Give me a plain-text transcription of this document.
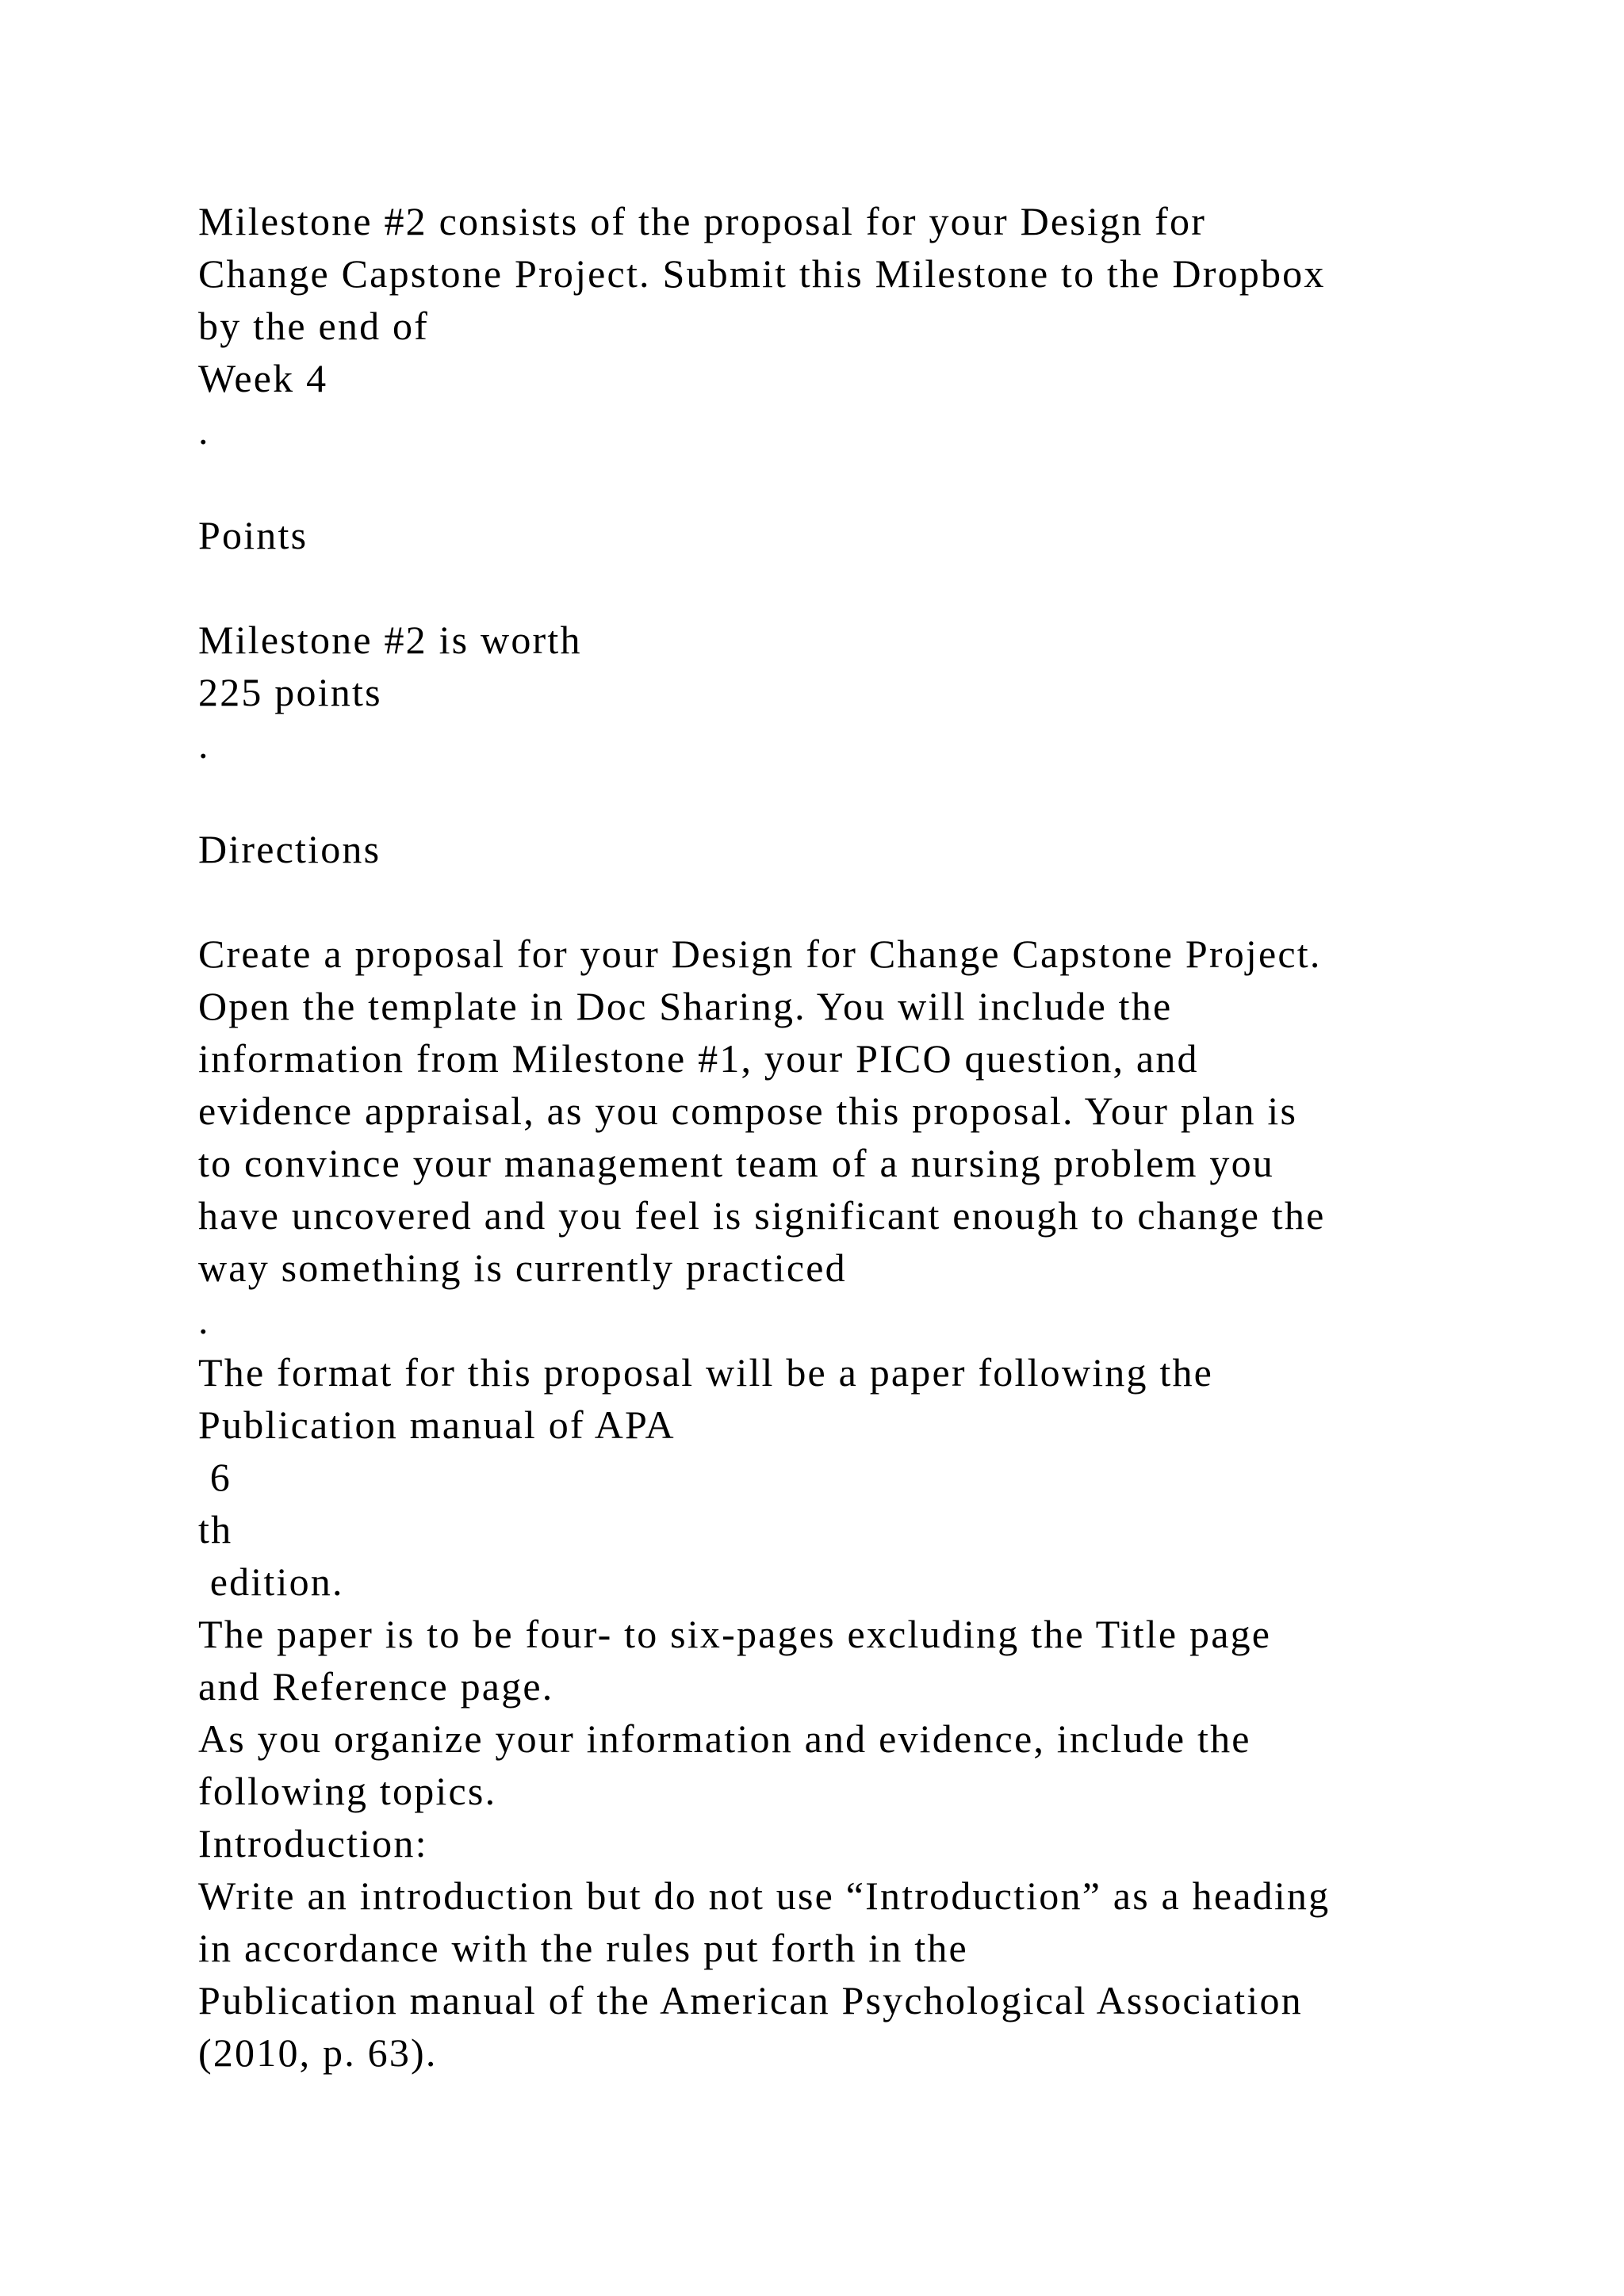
Milestone #2 consists of the proposal for your Design for
Change Capstone Project. Submit this Milestone to the Dropbox
by the end of
Week 4
.
Points
Milestone #2 is worth
225 points
.
Directions
Create a proposal for your Design for Change Capstone Project.
Open the template in Doc Sharing. You will include the
information from Milestone #1, your PICO question, and
evidence appraisal, as you compose this proposal. Your plan is
to convince your management team of a nursing problem you
have uncovered and you feel is significant enough to change the
way something is currently practiced
.
The format for this proposal will be a paper following the
Publication manual of APA
6
th
edition.
The paper is to be four- to six-pages excluding the Title page
and Reference page.
As you organize your information and evidence, include the
following topics.
Introduction:
Write an introduction but do not use “Introduction” as a heading
in accordance with the rules put forth in the
Publication manual of the American Psychological Association
(2010, p. 63).
